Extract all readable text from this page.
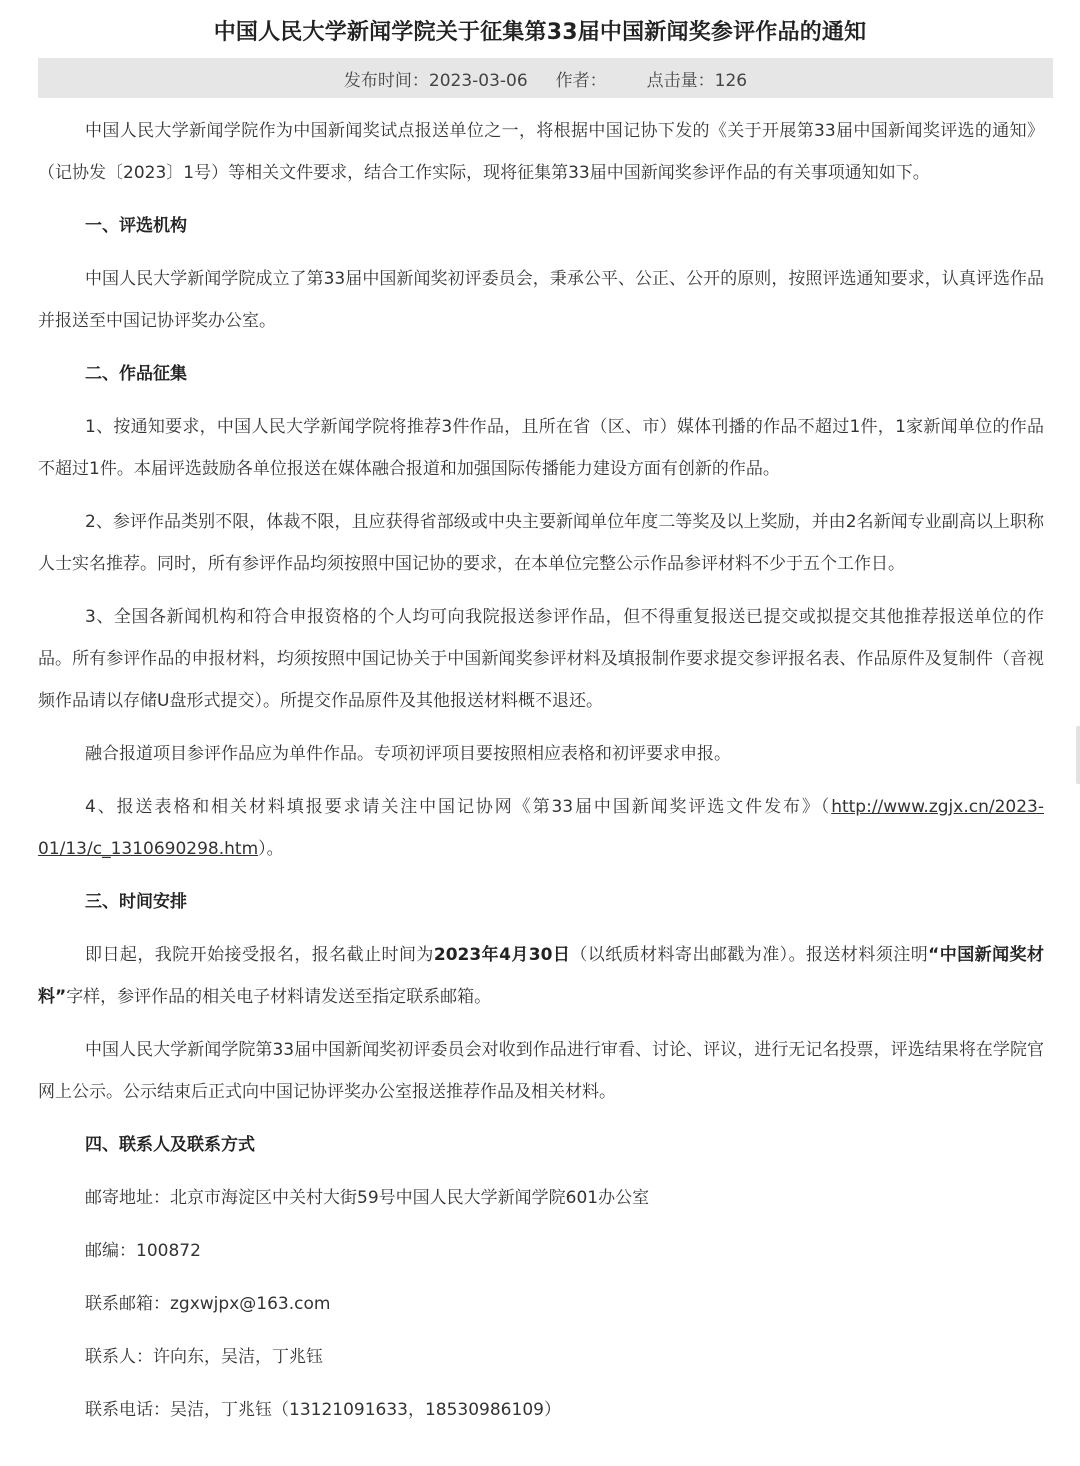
中国人民大学新闻学院关于征集第33届中国新闻奖参评作品的通知
发布时间：2023-03-06 作者： 点击量：126

中国人民大学新闻学院作为中国新闻奖试点报送单位之一，将根据中国记协下发的《关于开展第33届中国新闻奖评选的通知》（记协发〔2023〕1号）等相关文件要求，结合工作实际，现将征集第33届中国新闻奖参评作品的有关事项通知如下。

一、评选机构

中国人民大学新闻学院成立了第33届中国新闻奖初评委员会，秉承公平、公正、公开的原则，按照评选通知要求，认真评选作品并报送至中国记协评奖办公室。

二、作品征集

1、按通知要求，中国人民大学新闻学院将推荐3件作品，且所在省（区、市）媒体刊播的作品不超过1件，1家新闻单位的作品不超过1件。本届评选鼓励各单位报送在媒体融合报道和加强国际传播能力建设方面有创新的作品。

2、参评作品类别不限，体裁不限，且应获得省部级或中央主要新闻单位年度二等奖及以上奖励，并由2名新闻专业副高以上职称人士实名推荐。同时，所有参评作品均须按照中国记协的要求，在本单位完整公示作品参评材料不少于五个工作日。

3、全国各新闻机构和符合申报资格的个人均可向我院报送参评作品，但不得重复报送已提交或拟提交其他推荐报送单位的作品。所有参评作品的申报材料，均须按照中国记协关于中国新闻奖参评材料及填报制作要求提交参评报名表、作品原件及复制件（音视频作品请以存储U盘形式提交）。所提交作品原件及其他报送材料概不退还。

融合报道项目参评作品应为单件作品。专项初评项目要按照相应表格和初评要求申报。

4、报送表格和相关材料填报要求请关注中国记协网《第33届中国新闻奖评选文件发布》（http://www.zgjx.cn/2023-01/13/c_1310690298.htm）。

三、时间安排

即日起，我院开始接受报名，报名截止时间为2023年4月30日（以纸质材料寄出邮戳为准）。报送材料须注明“中国新闻奖材料”字样，参评作品的相关电子材料请发送至指定联系邮箱。

中国人民大学新闻学院第33届中国新闻奖初评委员会对收到作品进行审看、讨论、评议，进行无记名投票，评选结果将在学院官网上公示。公示结束后正式向中国记协评奖办公室报送推荐作品及相关材料。

四、联系人及联系方式

邮寄地址：北京市海淀区中关村大街59号中国人民大学新闻学院601办公室

邮编：100872

联系邮箱：zgxwjpx@163.com

联系人：许向东，吴洁，丁兆钰

联系电话：吴洁，丁兆钰（13121091633，18530986109）
